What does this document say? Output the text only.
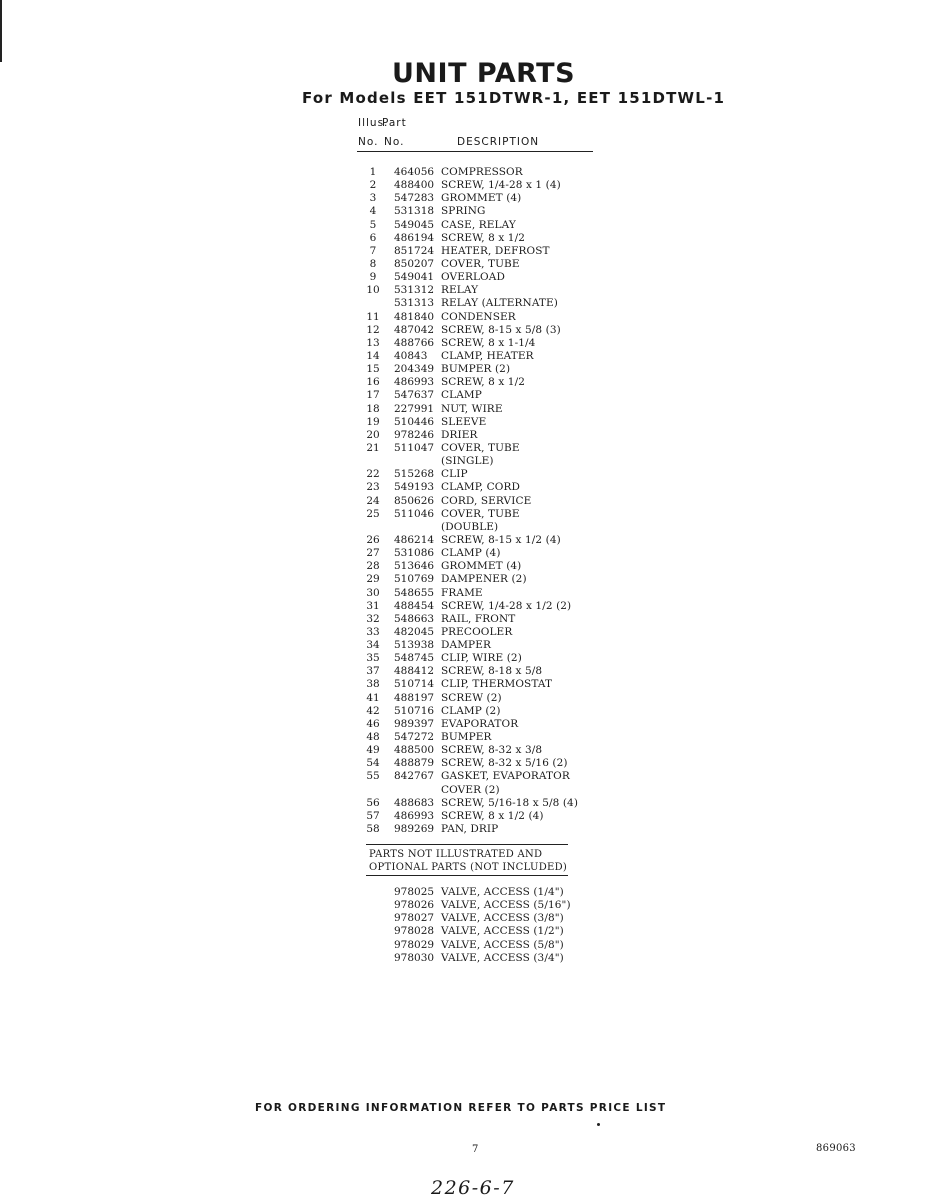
UNIT PARTS
For Models EET 151DTWR-1, EET 151DTWL-1
Illus.
Part
No. No.	DESCRIPTION
1	464056 COMPRESSOR
2	488400 SCREW, 1/4-28 x 1 (4)
3	547283 GROMMET (4)
4	531318 SPRING
5	549045 CASE, RELAY
6	486194 SCREW, 8 x 1/2
7	851724 HEATER, DEFROST
8	850207 COVER, TUBE
9	549041 OVERLOAD
10	531312 RELAY
531313 RELAY (ALTERNATE)
11	481840 CONDENSER
12	487042 SCREW, 8-15 x 5/8 (3)
13	488766 SCREW, 8 x 1-1/4
14	40843 CLAMP, HEATER
15	204349 BUMPER (2)
16	486993 SCREW, 8 x 1/2
17	547637 CLAMP
18	227991 NUT, WIRE
19	510446 SLEEVE
20	978246 DRIER
21	511047 COVER, TUBE
(SINGLE)
22	515268 CLIP
23	549193 CLAMP, CORD
24	850626 CORD, SERVICE
25	511046 COVER, TUBE
(DOUBLE)
26	486214 SCREW, 8-15 x 1/2 (4)
27	531086 CLAMP (4)
28	513646 GROMMET (4)
29	510769 DAMPENER (2)
30	548655 FRAME
31	488454 SCREW, 1/4-28 x 1/2 (2)
32	548663 RAIL, FRONT
33	482045 PRECOOLER
34	513938 DAMPER
35	548745 CLIP, WIRE (2)
37	488412 SCREW, 8-18 x 5/8
38	510714 CLIP, THERMOSTAT
41	488197 SCREW (2)
42	510716 CLAMP (2)
46	989397 EVAPORATOR
48	547272 BUMPER
49	488500 SCREW, 8-32 x 3/8
54	488879 SCREW, 8-32 x 5/16 (2)
55	842767 GASKET, EVAPORATOR
COVER (2)
56	488683 SCREW, 5/16-18 x 5/8 (4)
57	486993 SCREW, 8 x 1/2 (4)
58	989269 PAN, DRIP
PARTS NOT ILLUSTRATED AND
OPTIONAL PARTS (NOT INCLUDED)
978025 VALVE, ACCESS (1/4")
978026 VALVE, ACCESS (5/16")
978027 VALVE, ACCESS (3/8")
978028 VALVE, ACCESS (1/2")
978029 VALVE, ACCESS (5/8")
978030 VALVE, ACCESS (3/4")
FOR ORDERING INFORMATION REFER TO PARTS PRICE LIST
7	869063
226-6-7
